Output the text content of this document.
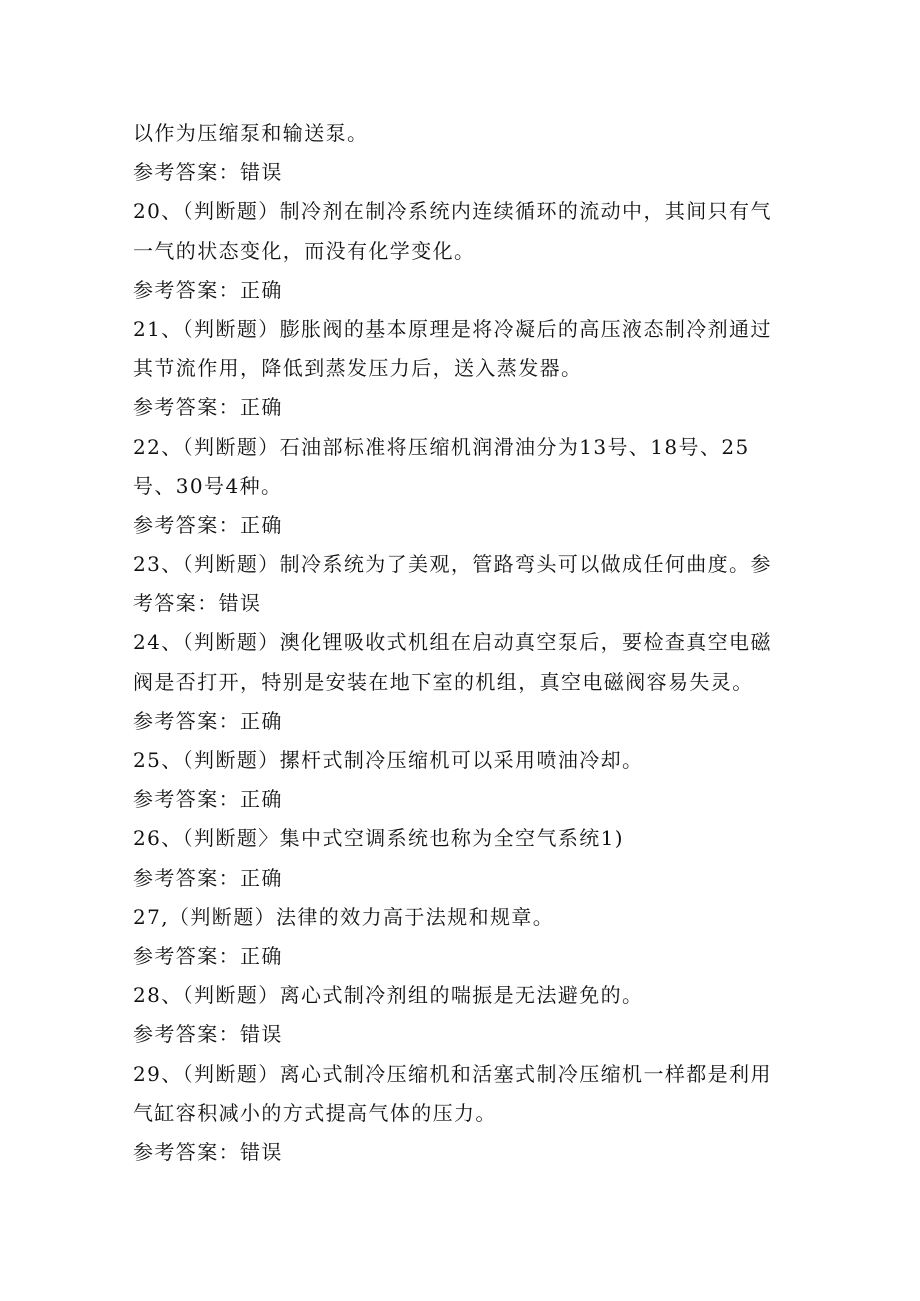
以作为压缩泵和输送泵。
参考答案：错误
20、（判断题）制冷剂在制冷系统内连续循环的流动中，其间只有气
一气的状态变化，而没有化学变化。
参考答案：正确
21、（判断题）膨胀阀的基本原理是将冷凝后的高压液态制冷剂通过
其节流作用，降低到蒸发压力后，送入蒸发器。
参考答案：正确
22、（判断题）石油部标准将压缩机润滑油分为13号、18号、25
号、30号4种。
参考答案：正确
23、（判断题）制冷系统为了美观，管路弯头可以做成任何曲度。参
考答案：错误
24、（判断题）澳化锂吸收式机组在启动真空泵后，要检查真空电磁
阀是否打开，特别是安装在地下室的机组，真空电磁阀容易失灵。
参考答案：正确
25、（判断题）摞杆式制冷压缩机可以采用喷油冷却。
参考答案：正确
26、（判断题〉集中式空调系统也称为全空气系统1)
参考答案：正确
27,（判断题）法律的效力高于法规和规章。
参考答案：正确
28、（判断题）离心式制冷剂组的喘振是无法避免的。
参考答案：错误
29、（判断题）离心式制冷压缩机和活塞式制冷压缩机一样都是利用
气缸容积减小的方式提高气体的压力。
参考答案：错误
